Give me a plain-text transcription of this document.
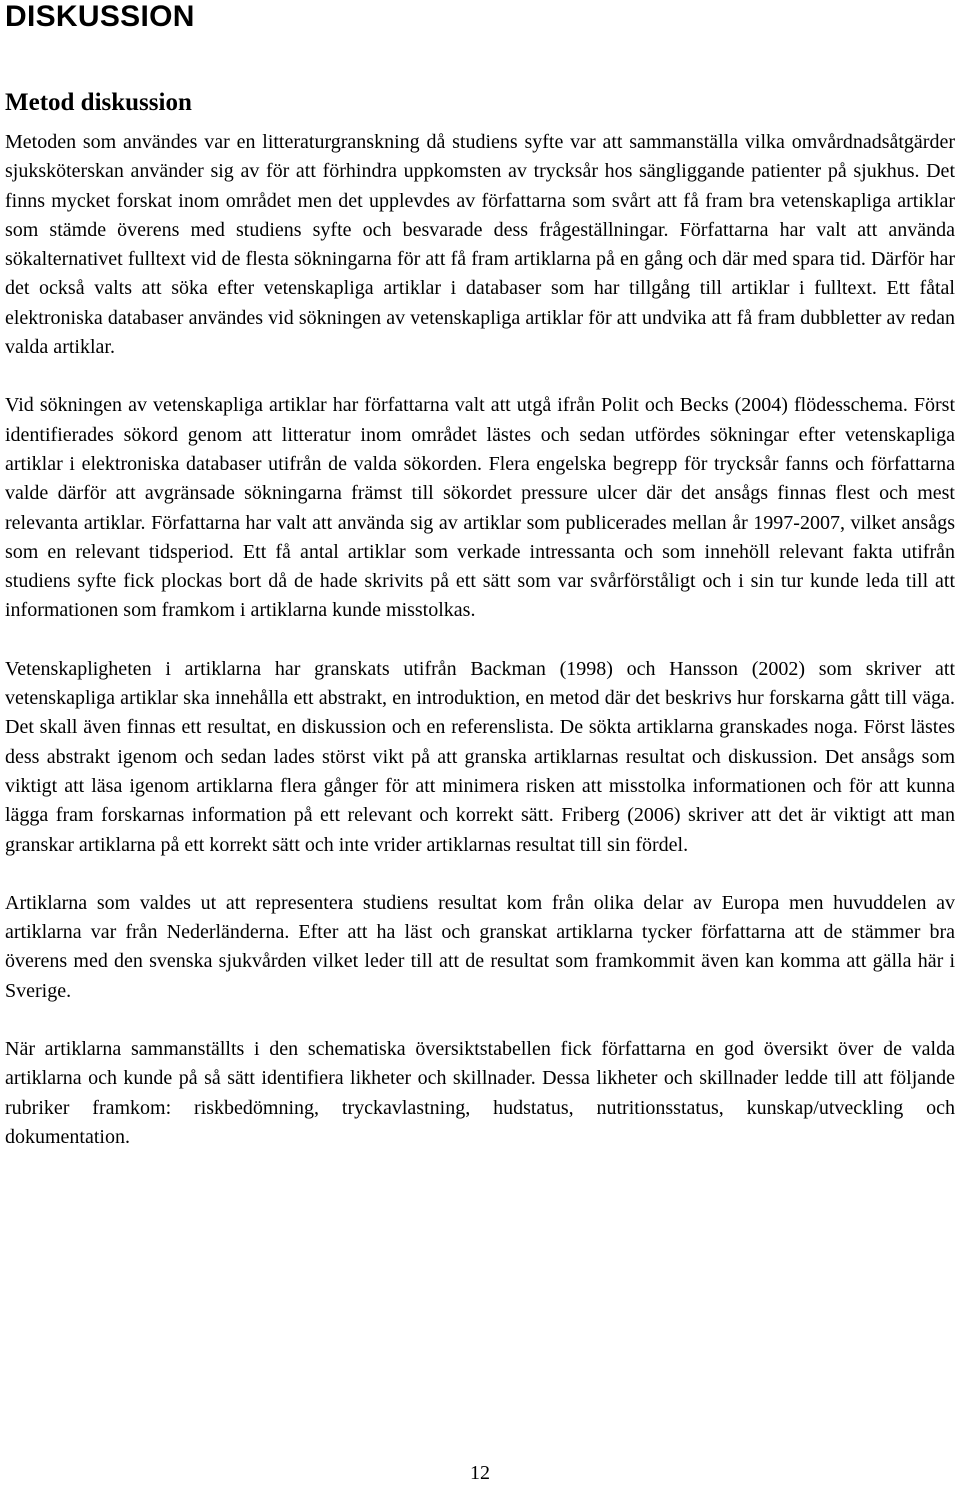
DISKUSSION
Metod diskussion

Metoden som användes var en litteraturgranskning då studiens syfte var att sammanställa vilka omvårdnadsåtgärder sjuksköterskan använder sig av för att förhindra uppkomsten av trycksår hos sängliggande patienter på sjukhus. Det finns mycket forskat inom området men det upplevdes av författarna som svårt att få fram bra vetenskapliga artiklar som stämde överens med studiens syfte och besvarade dess frågeställningar. Författarna har valt att använda sökalternativet fulltext vid de flesta sökningarna för att få fram artiklarna på en gång och där med spara tid. Därför har det också valts att söka efter vetenskapliga artiklar i databaser som har tillgång till artiklar i fulltext. Ett fåtal elektroniska databaser användes vid sökningen av vetenskapliga artiklar för att undvika att få fram dubbletter av redan valda artiklar.

Vid sökningen av vetenskapliga artiklar har författarna valt att utgå ifrån Polit och Becks (2004) flödesschema. Först identifierades sökord genom att litteratur inom området lästes och sedan utfördes sökningar efter vetenskapliga artiklar i elektroniska databaser utifrån de valda sökorden. Flera engelska begrepp för trycksår fanns och författarna valde därför att avgränsade sökningarna främst till sökordet pressure ulcer där det ansågs finnas flest och mest relevanta artiklar. Författarna har valt att använda sig av artiklar som publicerades mellan år 1997-2007, vilket ansågs som en relevant tidsperiod. Ett få antal artiklar som verkade intressanta och som innehöll relevant fakta utifrån studiens syfte fick plockas bort då de hade skrivits på ett sätt som var svårförståligt och i sin tur kunde leda till att informationen som framkom i artiklarna kunde misstolkas.

Vetenskapligheten i artiklarna har granskats utifrån Backman (1998) och Hansson (2002) som skriver att vetenskapliga artiklar ska innehålla ett abstrakt, en introduktion, en metod där det beskrivs hur forskarna gått till väga. Det skall även finnas ett resultat, en diskussion och en referenslista. De sökta artiklarna granskades noga. Först lästes dess abstrakt igenom och sedan lades störst vikt på att granska artiklarnas resultat och diskussion. Det ansågs som viktigt att läsa igenom artiklarna flera gånger för att minimera risken att misstolka informationen och för att kunna lägga fram forskarnas information på ett relevant och korrekt sätt. Friberg (2006) skriver att det är viktigt att man granskar artiklarna på ett korrekt sätt och inte vrider artiklarnas resultat till sin fördel.

Artiklarna som valdes ut att representera studiens resultat kom från olika delar av Europa men huvuddelen av artiklarna var från Nederländerna. Efter att ha läst och granskat artiklarna tycker författarna att de stämmer bra överens med den svenska sjukvården vilket leder till att de resultat som framkommit även kan komma att gälla här i Sverige.

När artiklarna sammanställts i den schematiska översiktstabellen fick författarna en god översikt över de valda artiklarna och kunde på så sätt identifiera likheter och skillnader. Dessa likheter och skillnader ledde till att följande rubriker framkom: riskbedömning, tryckavlastning, hudstatus, nutritionsstatus, kunskap/utveckling och dokumentation.

12
